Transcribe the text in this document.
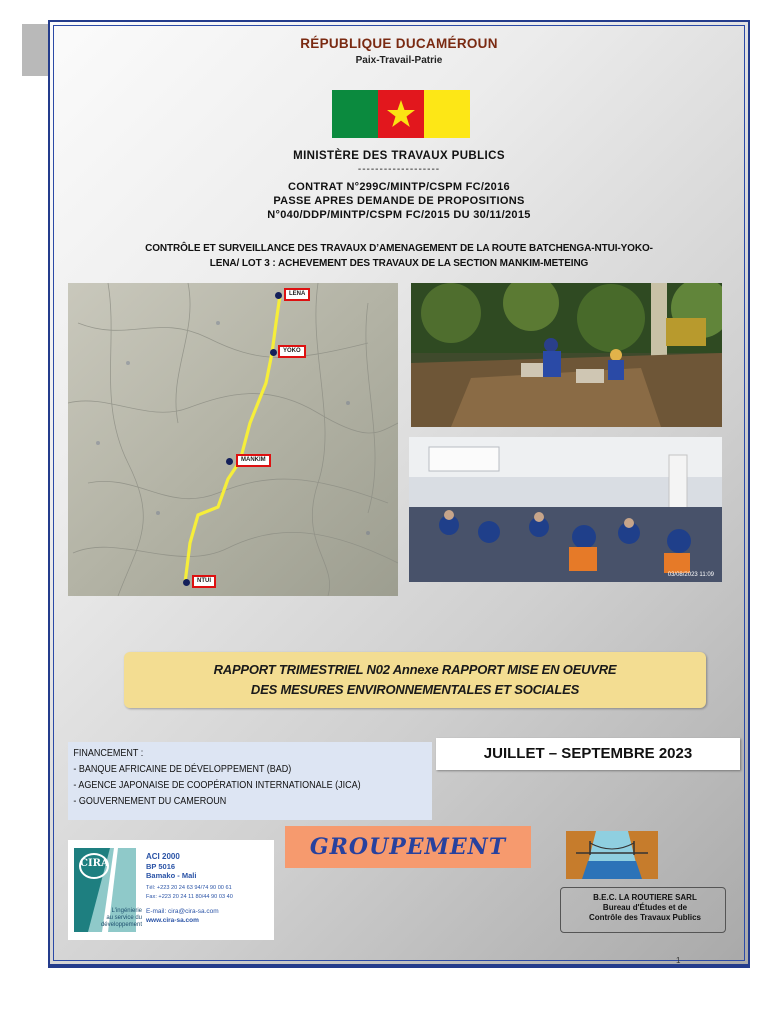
RÉPUBLIQUE DUCAMÉROUN
Paix-Travail-Patrie
MINISTÈRE DES TRAVAUX PUBLICS
-------------------
CONTRAT N°299C/MINTP/CSPM FC/2016
PASSE APRES DEMANDE DE PROPOSITIONS
N°040/DDP/MINTP/CSPM FC/2015 DU 30/11/2015
CONTRÔLE ET SURVEILLANCE DES TRAVAUX D’AMENAGEMENT DE LA ROUTE BATCHENGA-NTUI-YOKO-
LENA/ LOT 3 : ACHEVEMENT DES TRAVAUX DE LA SECTION MANKIM-METEING
LENA
YOKO
MANKIM
NTUI
03/08/2023 11:09
RAPPORT TRIMESTRIEL N02 Annexe RAPPORT MISE EN OEUVRE
DES MESURES ENVIRONNEMENTALES ET SOCIALES
FINANCEMENT :
- BANQUE AFRICAINE DE DÉVELOPPEMENT (BAD)
- AGENCE JAPONAISE DE COOPÉRATION INTERNATIONALE (JICA)
- GOUVERNEMENT DU CAMEROUN
JUILLET – SEPTEMBRE 2023
GROUPEMENT
CIRA
L'ingénierie
au service du
développement
ACI 2000
BP 5016
Bamako - Mali
Tél: +223 20 24 63 94/74 90 00 61
Fax: +223 20 24 11 80/44 90 03 40
E-mail: cira@cira-sa.com
www.cira-sa.com
B.E.C. LA ROUTIERE SARL
Bureau d'Études et de
Contrôle des Travaux Publics
1
